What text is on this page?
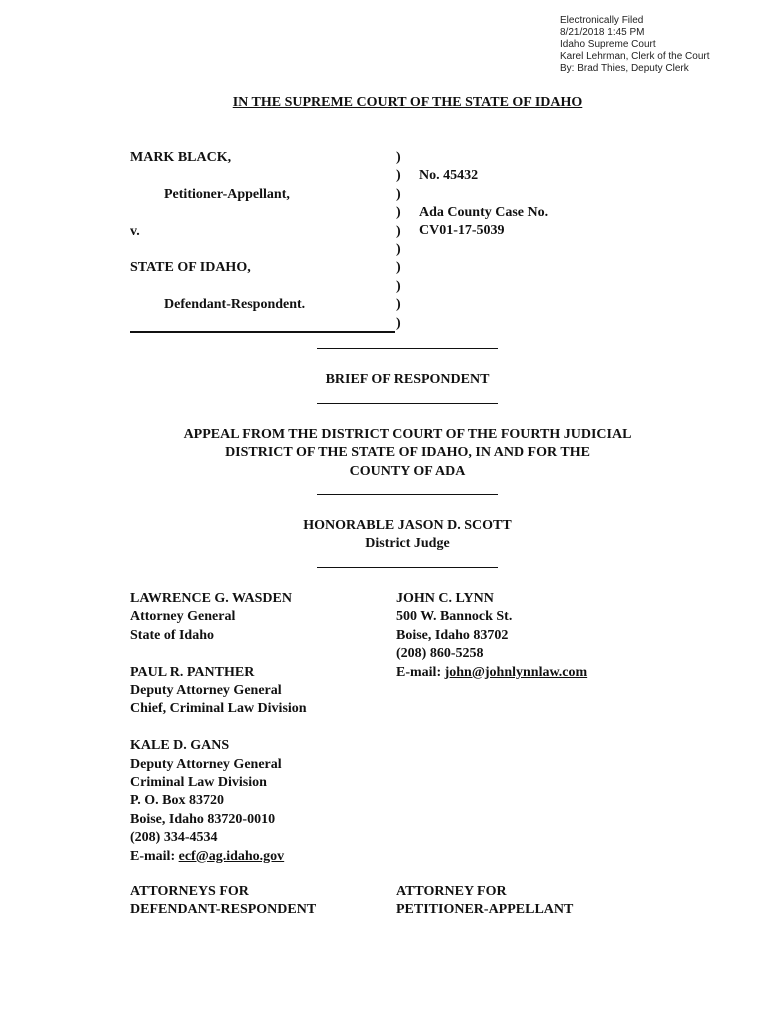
Electronically Filed
8/21/2018 1:45 PM
Idaho Supreme Court
Karel Lehrman, Clerk of the Court
By: Brad Thies, Deputy Clerk
IN THE SUPREME COURT OF THE STATE OF IDAHO
MARK BLACK,
Petitioner-Appellant,
v.
STATE OF IDAHO,
Defendant-Respondent.
)
)
)
)
)
)
)
)
)
)
No. 45432
Ada County Case No.
CV01-17-5039
BRIEF OF RESPONDENT
APPEAL FROM THE DISTRICT COURT OF THE FOURTH JUDICIAL
DISTRICT OF THE STATE OF IDAHO, IN AND FOR THE
COUNTY OF ADA
HONORABLE JASON D. SCOTT
District Judge
LAWRENCE G. WASDEN
Attorney General
State of Idaho
PAUL R. PANTHER
Deputy Attorney General
Chief, Criminal Law Division
KALE D. GANS
Deputy Attorney General
Criminal Law Division
P. O. Box 83720
Boise, Idaho 83720-0010
(208) 334-4534
E-mail: ecf@ag.idaho.gov
JOHN C. LYNN
500 W. Bannock St.
Boise, Idaho 83702
(208) 860-5258
E-mail: john@johnlynnlaw.com
ATTORNEYS FOR
DEFENDANT-RESPONDENT
ATTORNEY FOR
PETITIONER-APPELLANT
